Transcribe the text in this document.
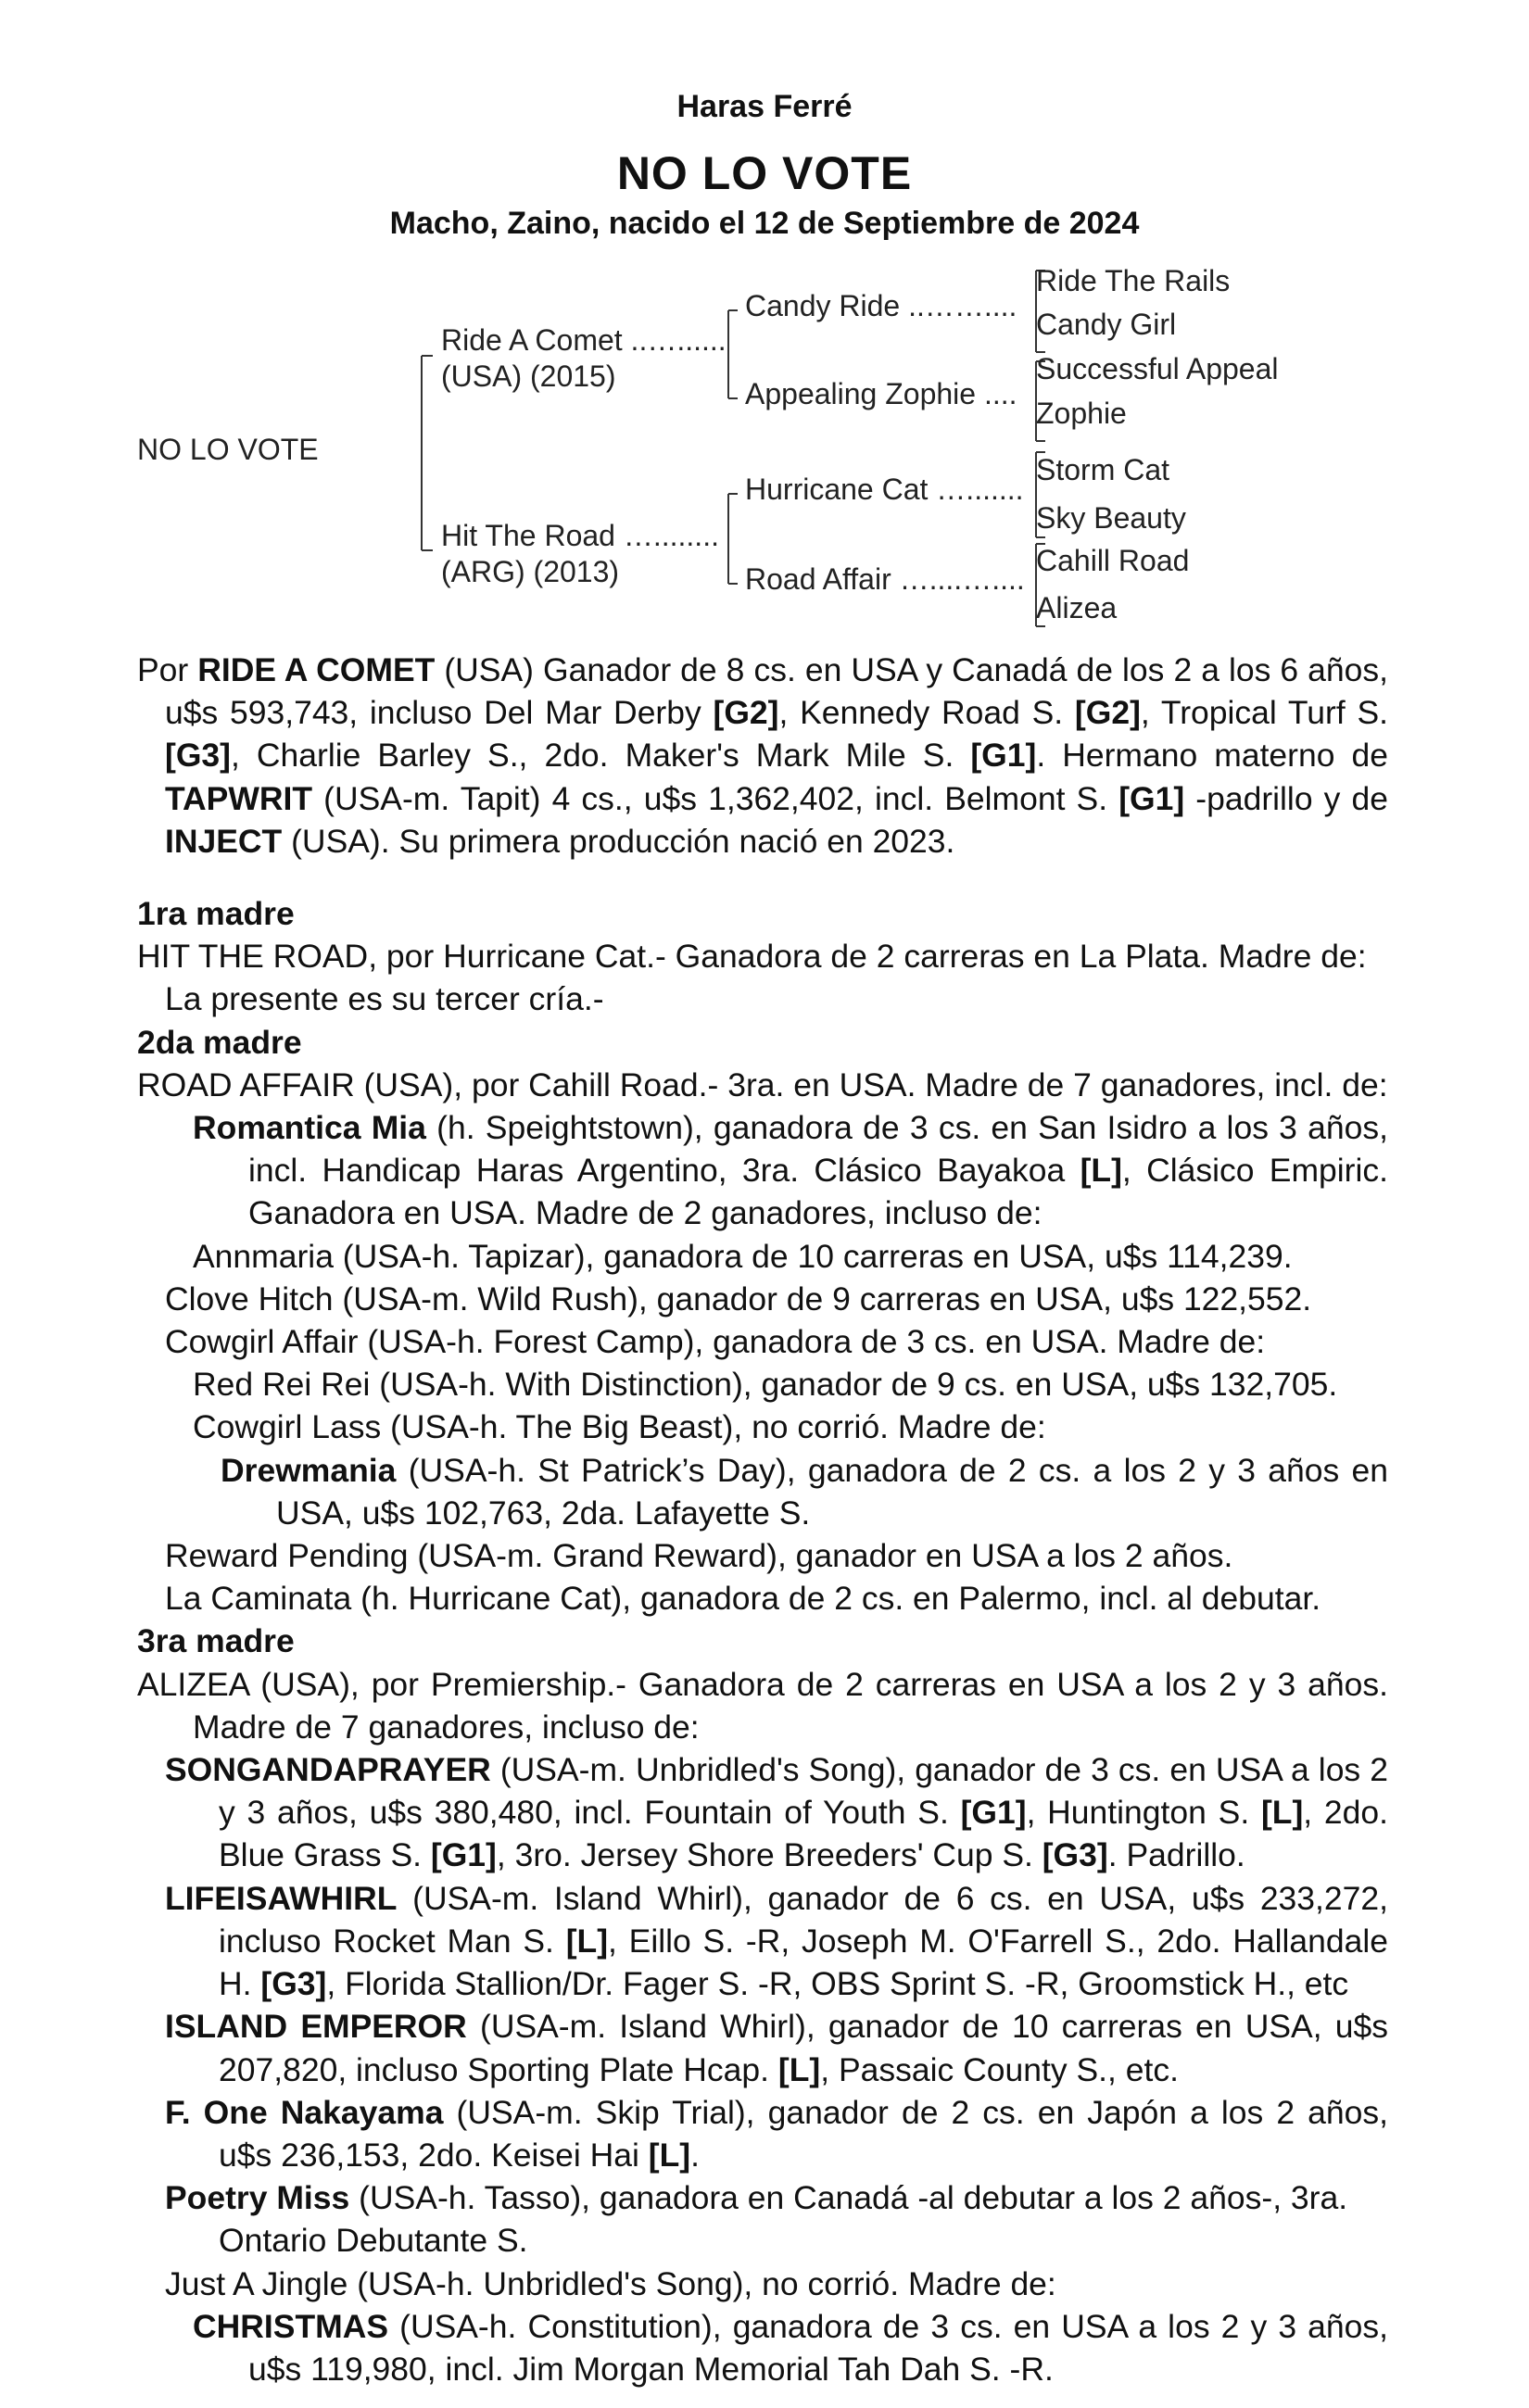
Haras Ferré
NO LO VOTE
Macho, Zaino, nacido el 12 de Septiembre de 2024
NO LO VOTE
Ride A Comet ..…......
(USA) (2015)
Hit The Road …........
(ARG) (2013)
Candy Ride ..……....
Appealing Zophie ....
Hurricane Cat ….......
Road Affair …....…....
Ride The Rails
Candy Girl
Successful Appeal
Zophie
Storm Cat
Sky Beauty
Cahill Road
Alizea

Por RIDE A COMET (USA) Ganador de 8 cs. en USA y Canadá de los 2 a los 6 años, u$s 593,743, incluso Del Mar Derby [G2], Kennedy Road S. [G2], Tropical Turf S. [G3], Charlie Barley S., 2do. Maker's Mark Mile S. [G1]. Hermano materno de TAPWRIT (USA-m. Tapit) 4 cs., u$s 1,362,402, incl. Belmont S. [G1] -padrillo y de INJECT (USA). Su primera producción nació en 2023.

1ra madre

HIT THE ROAD, por Hurricane Cat.- Ganadora de 2 carreras en La Plata. Madre de:

La presente es su tercer cría.-

2da madre

ROAD AFFAIR (USA), por Cahill Road.- 3ra. en USA. Madre de 7 ganadores, incl. de:

Romantica Mia (h. Speightstown), ganadora de 3 cs. en San Isidro a los 3 años, incl. Handicap Haras Argentino, 3ra. Clásico Bayakoa [L], Clásico Empiric. Ganadora en USA. Madre de 2 ganadores, incluso de:

Annmaria (USA-h. Tapizar), ganadora de 10 carreras en USA, u$s 114,239.

Clove Hitch (USA-m. Wild Rush), ganador de 9 carreras en USA, u$s 122,552.

Cowgirl Affair (USA-h. Forest Camp), ganadora de 3 cs. en USA. Madre de:

Red Rei Rei (USA-h. With Distinction), ganador de 9 cs. en USA, u$s 132,705.

Cowgirl Lass (USA-h. The Big Beast), no corrió. Madre de:

Drewmania (USA-h. St Patrick’s Day), ganadora de 2 cs. a los 2 y 3 años en USA, u$s 102,763, 2da. Lafayette S.

Reward Pending (USA-m. Grand Reward), ganador en USA a los 2 años.

La Caminata (h. Hurricane Cat), ganadora de 2 cs. en Palermo, incl. al debutar.

3ra madre

ALIZEA (USA), por Premiership.- Ganadora de 2 carreras en USA a los 2 y 3 años. Madre de 7 ganadores, incluso de:

SONGANDAPRAYER (USA-m. Unbridled's Song), ganador de 3 cs. en USA a los 2 y 3 años, u$s 380,480, incl. Fountain of Youth S. [G1], Huntington S. [L], 2do. Blue Grass S. [G1], 3ro. Jersey Shore Breeders' Cup S. [G3]. Padrillo.

LIFEISAWHIRL (USA-m. Island Whirl), ganador de 6 cs. en USA, u$s 233,272, incluso Rocket Man S. [L], Eillo S. -R, Joseph M. O'Farrell S., 2do. Hallandale H. [G3], Florida Stallion/Dr. Fager S. -R, OBS Sprint S. -R, Groomstick H., etc

ISLAND EMPEROR (USA-m. Island Whirl), ganador de 10 carreras en USA, u$s 207,820, incluso Sporting Plate Hcap. [L], Passaic County S., etc.

F. One Nakayama (USA-m. Skip Trial), ganador de 2 cs. en Japón a los 2 años, u$s 236,153, 2do. Keisei Hai [L].

Poetry Miss (USA-h. Tasso), ganadora en Canadá -al debutar a los 2 años-, 3ra. Ontario Debutante S.

Just A Jingle (USA-h. Unbridled's Song), no corrió. Madre de:

CHRISTMAS (USA-h. Constitution), ganadora de 3 cs. en USA a los 2 y 3 años, u$s 119,980, incl. Jim Morgan Memorial Tah Dah S. -R.
